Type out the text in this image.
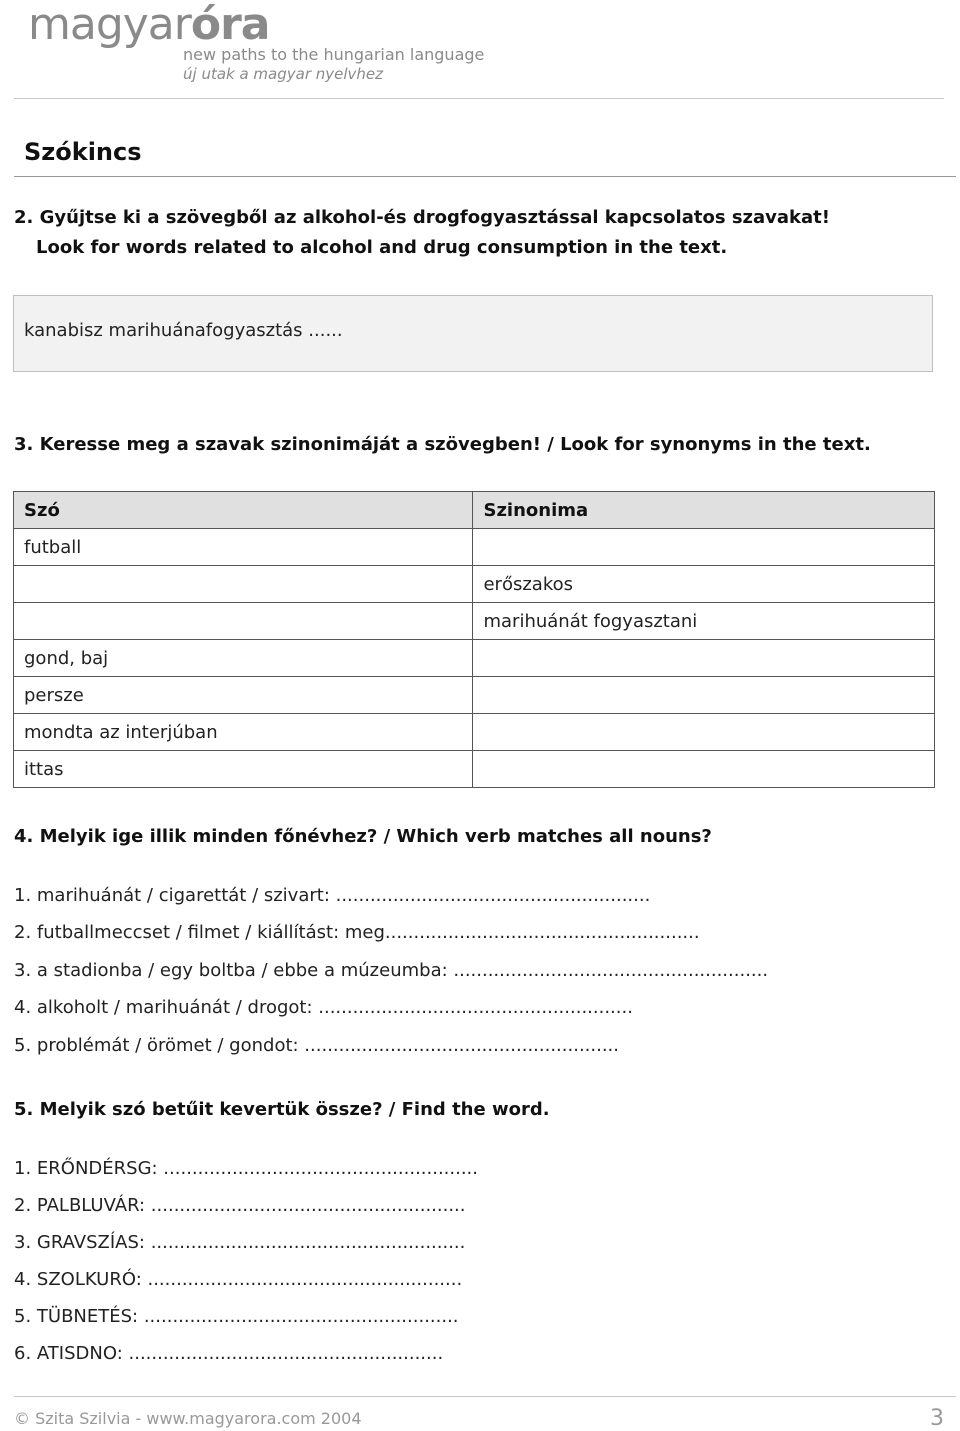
magyaróra
new paths to the hungarian language
új utak a magyar nyelvhez
Szókincs
2. Gyűjtse ki a szövegből az alkohol-és drogfogyasztással kapcsolatos szavakat!
Look for words related to alcohol and drug consumption in the text.
kanabisz marihuánafogyasztás ......
3. Keresse meg a szavak szinonimáját a szövegben! / Look for synonyms in the text.
Szó	Szinonima
futball	
	erőszakos
	marihuánát fogyasztani
gond, baj	
persze	
mondta az interjúban	
ittas	
4. Melyik ige illik minden főnévhez? / Which verb matches all nouns?
1. marihuánát / cigarettát / szivart: .......................................................
2. futballmeccset / filmet / kiállítást: meg.......................................................
3. a stadionba / egy boltba / ebbe a múzeumba: .......................................................
4. alkoholt / marihuánát / drogot: .......................................................
5. problémát / örömet / gondot: .......................................................
5. Melyik szó betűit kevertük össze? / Find the word.
1. ERŐNDÉRSG: .......................................................
2. PALBLUVÁR: .......................................................
3. GRAVSZÍAS: .......................................................
4. SZOLKURÓ: .......................................................
5. TÜBNETÉS: .......................................................
6. ATISDNO: .......................................................
© Szita Szilvia - www.magyarora.com 2004	3
